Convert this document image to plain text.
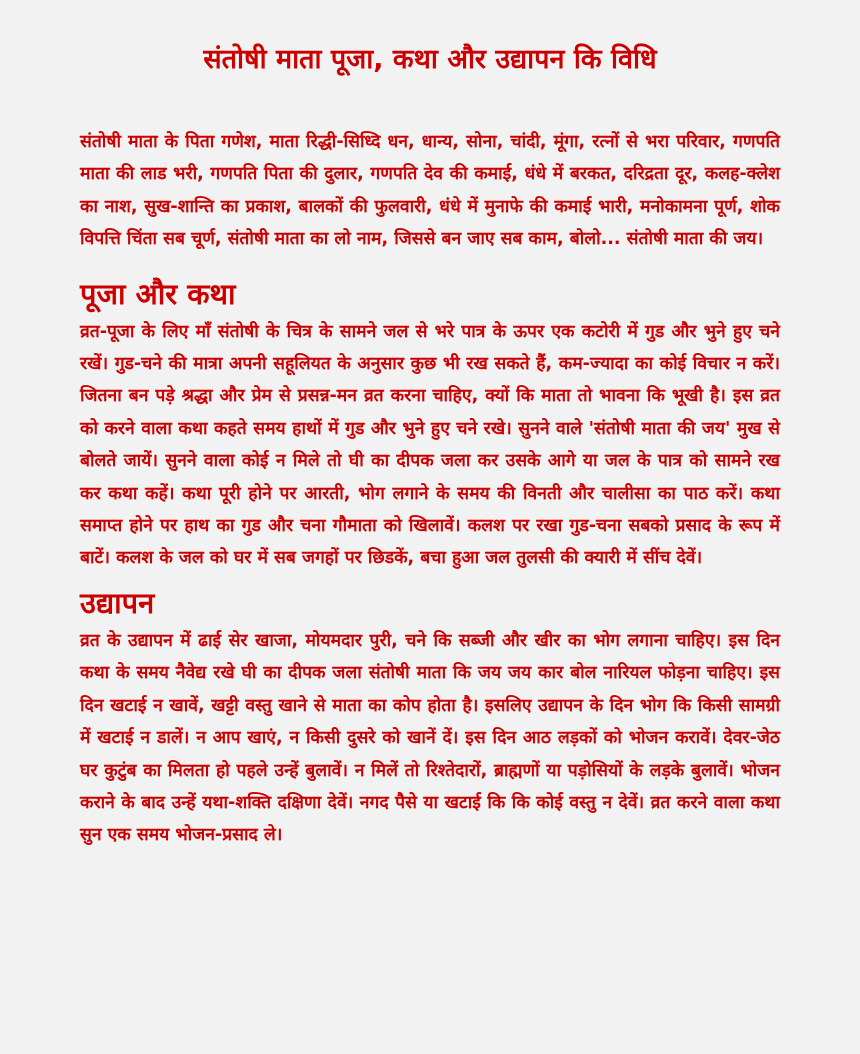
संतोषी माता पूजा, कथा और उद्यापन कि विधि

संतोषी माता के पिता गणेश, माता रिद्धी-सिध्दि धन, धान्य, सोना, चांदी, मूंगा, रत्नों से भरा परिवार, गणपति माता की लाड भरी, गणपति पिता की दुलार, गणपति देव की कमाई, धंधे में बरकत, दरिद्रता दूर, कलह-क्लेश का नाश, सुख-शान्ति का प्रकाश, बालकों की फुलवारी, धंधे में मुनाफे की कमाई भारी, मनोकामना पूर्ण, शोक विपत्ति चिंता सब चूर्ण, संतोषी माता का लो नाम, जिससे बन जाए सब काम, बोलो... संतोषी माता की जय।

पूजा और कथा

व्रत-पूजा के लिए माँ संतोषी के चित्र के सामने जल से भरे पात्र के ऊपर एक कटोरी में गुड और भुने हुए चने रखें। गुड-चने की मात्रा अपनी सहूलियत के अनुसार कुछ भी रख सकते हैं, कम-ज्यादा का कोई विचार न करें। जितना बन पड़े श्रद्धा और प्रेम से प्रसन्न-मन व्रत करना चाहिए, क्यों कि माता तो भावना कि भूखी है। इस व्रत को करने वाला कथा कहते समय हाथों में गुड और भुने हुए चने रखे। सुनने वाले 'संतोषी माता की जय' मुख से बोलते जायें। सुनने वाला कोई न मिले तो घी का दीपक जला कर उसके आगे या जल के पात्र को सामने रख कर कथा कहें। कथा पूरी होने पर आरती, भोग लगाने के समय की विनती और चालीसा का पाठ करें। कथा समाप्त होने पर हाथ का गुड और चना गौमाता को खिलावें। कलश पर रखा गुड-चना सबको प्रसाद के रूप में बाटें। कलश के जल को घर में सब जगहों पर छिडकें, बचा हुआ जल तुलसी की क्यारी में सींच देवें।

उद्यापन

व्रत के उद्यापन में ढाई सेर खाजा, मोयमदार पुरी, चने कि सब्जी और खीर का भोग लगाना चाहिए। इस दिन कथा के समय नैवेद्य रखे घी का दीपक जला संतोषी माता कि जय जय कार बोल नारियल फोड़ना चाहिए। इस दिन खटाई न खावें, खट्टी वस्तु खाने से माता का कोप होता है। इसलिए उद्यापन के दिन भोग कि किसी सामग्री में खटाई न डालें। न आप खाएं, न किसी दुसरे को खानें दें। इस दिन आठ लड़कों को भोजन करावें। देवर-जेठ घर कुटुंब का मिलता हो पहले उन्हें बुलावें। न मिलें तो रिश्तेदारों, ब्राह्मणों या पड़ोसियों के लड़के बुलावें। भोजन कराने के बाद उन्हें यथा-शक्ति दक्षिणा देवें। नगद पैसे या खटाई कि कि कोई वस्तु न देवें। व्रत करने वाला कथा सुन एक समय भोजन-प्रसाद ले।
